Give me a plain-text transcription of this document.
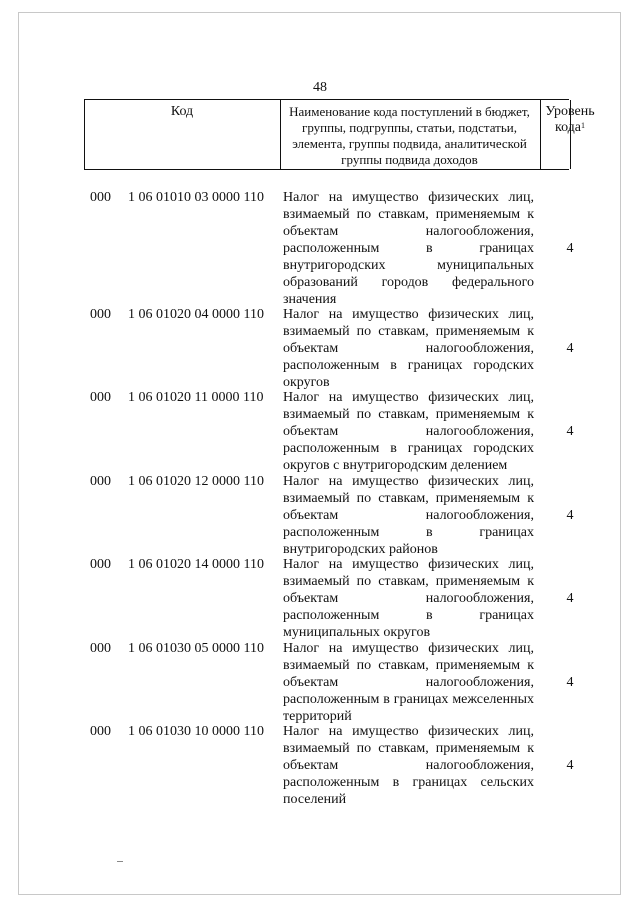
48
Код	Наименование кода поступлений в бюджет, группы, подгруппы, статьи, подстатьи, элемента, группы подвида, аналитической группы подвида доходов
Уровень кода$^1$
000 1 06 01010 03 0000 110 Налог на имущество физических лиц, взимаемый по ставкам, применяемым к объектам налогообложения, расположенным в границах внутригородских муниципальных образований городов федерального значения
4
000 1 06 01020 04 0000 110 Налог на имущество физических лиц, взимаемый по ставкам, применяемым к объектам налогообложения, расположенным в границах городских округов
4
000 1 06 01020 11 0000 110 Налог на имущество физических лиц, взимаемый по ставкам, применяемым к объектам налогообложения, расположенным в границах городских округов с внутригородским делением
4
000 1 06 01020 12 0000 110 Налог на имущество физических лиц, взимаемый по ставкам, применяемым к объектам налогообложения, расположенным в границах внутригородских районов
4
000 1 06 01020 14 0000 110 Налог на имущество физических лиц, взимаемый по ставкам, применяемым к объектам налогообложения, расположенным в границах муниципальных округов
4
000 1 06 01030 05 0000 110 Налог на имущество физических лиц, взимаемый по ставкам, применяемым к объектам налогообложения, расположенным в границах межселенных территорий
4
000 1 06 01030 10 0000 110 Налог на имущество физических лиц, взимаемый по ставкам, применяемым к объектам налогообложения, расположенным в границах сельских поселений
4
